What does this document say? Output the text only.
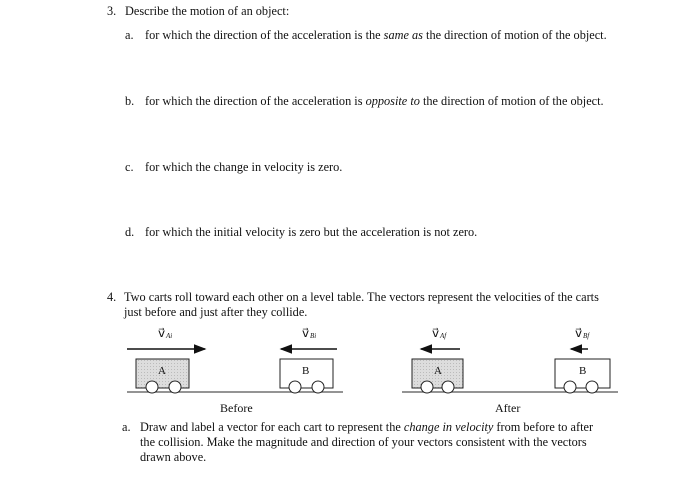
3. Describe the motion of an object:
a. for which the direction of the acceleration is the same as the direction of motion of the object.
b. for which the direction of the acceleration is opposite to the direction of motion of the object.
c. for which the change in velocity is zero.
d. for which the initial velocity is zero but the acceleration is not zero.
4. Two carts roll toward each other on a level table. The vectors represent the velocities of the carts
just before and just after they collide.
v⃗ Ai	v⃗ Bi	v⃗ Af	v⃗ Bf
A	B	A	B
Before	After
a. Draw and label a vector for each cart to represent the change in velocity from before to after
the collision. Make the magnitude and direction of your vectors consistent with the vectors
drawn above.
